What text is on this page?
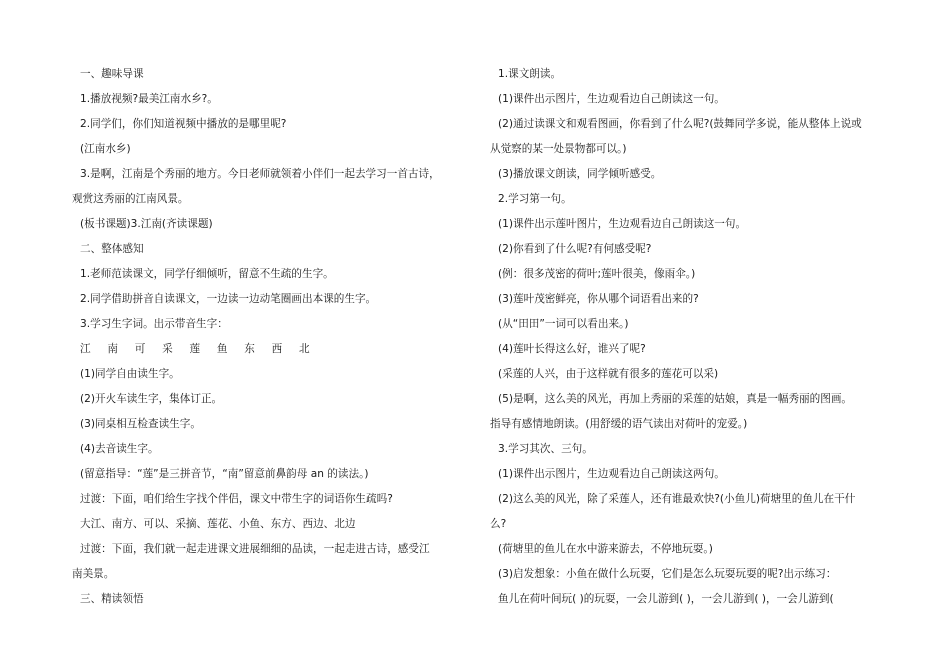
一、趣味导课
1.播放视频?最美江南水乡?。
2.同学们，你们知道视频中播放的是哪里呢?
(江南水乡)
3.是啊，江南是个秀丽的地方。今日老师就领着小伴们一起去学习一首古诗，
观赏这秀丽的江南风景。
(板书课题)3.江南(齐读课题)
二、整体感知
1.老师范读课文，同学仔细倾听，留意不生疏的生字。
2.同学借助拼音自读课文，一边读一边动笔圈画出本课的生字。
3.学习生字词。出示带音生字：
江 南 可 采 莲 鱼 东 西 北
(1)同学自由读生字。
(2)开火车读生字，集体订正。
(3)同桌相互检查读生字。
(4)去音读生字。
(留意指导：“莲”是三拼音节，“南”留意前鼻韵母 an 的读法。)
过渡：下面，咱们给生字找个伴侣，课文中带生字的词语你生疏吗?
大江、南方、可以、采摘、莲花、小鱼、东方、西边、北边
过渡：下面，我们就一起走进课文进展细细的品读，一起走进古诗，感受江
南美景。
三、精读领悟
1.课文朗读。
(1)课件出示图片，生边观看边自己朗读这一句。
(2)通过读课文和观看图画，你看到了什么呢?(鼓舞同学多说，能从整体上说或
从觉察的某一处景物都可以。)
(3)播放课文朗读，同学倾听感受。
2.学习第一句。
(1)课件出示莲叶图片，生边观看边自己朗读这一句。
(2)你看到了什么呢?有何感受呢?
(例：很多茂密的荷叶;莲叶很美，像雨伞。)
(3)莲叶茂密鲜亮，你从哪个词语看出来的?
(从“田田”一词可以看出来。)
(4)莲叶长得这么好，谁兴了呢?
(采莲的人兴，由于这样就有很多的莲花可以采)
(5)是啊，这么美的风光，再加上秀丽的采莲的姑娘，真是一幅秀丽的图画。
指导有感情地朗读。(用舒缓的语气读出对荷叶的宠爱。)
3.学习其次、三句。
(1)课件出示图片，生边观看边自己朗读这两句。
(2)这么美的风光，除了采莲人，还有谁最欢快?(小鱼儿)荷塘里的鱼儿在干什
么?
(荷塘里的鱼儿在水中游来游去，不停地玩耍。)
(3)启发想象：小鱼在做什么玩耍，它们是怎么玩耍玩耍的呢?出示练习：
鱼儿在荷叶间玩( )的玩耍，一会儿游到( )，一会儿游到( )，一会儿游到(
